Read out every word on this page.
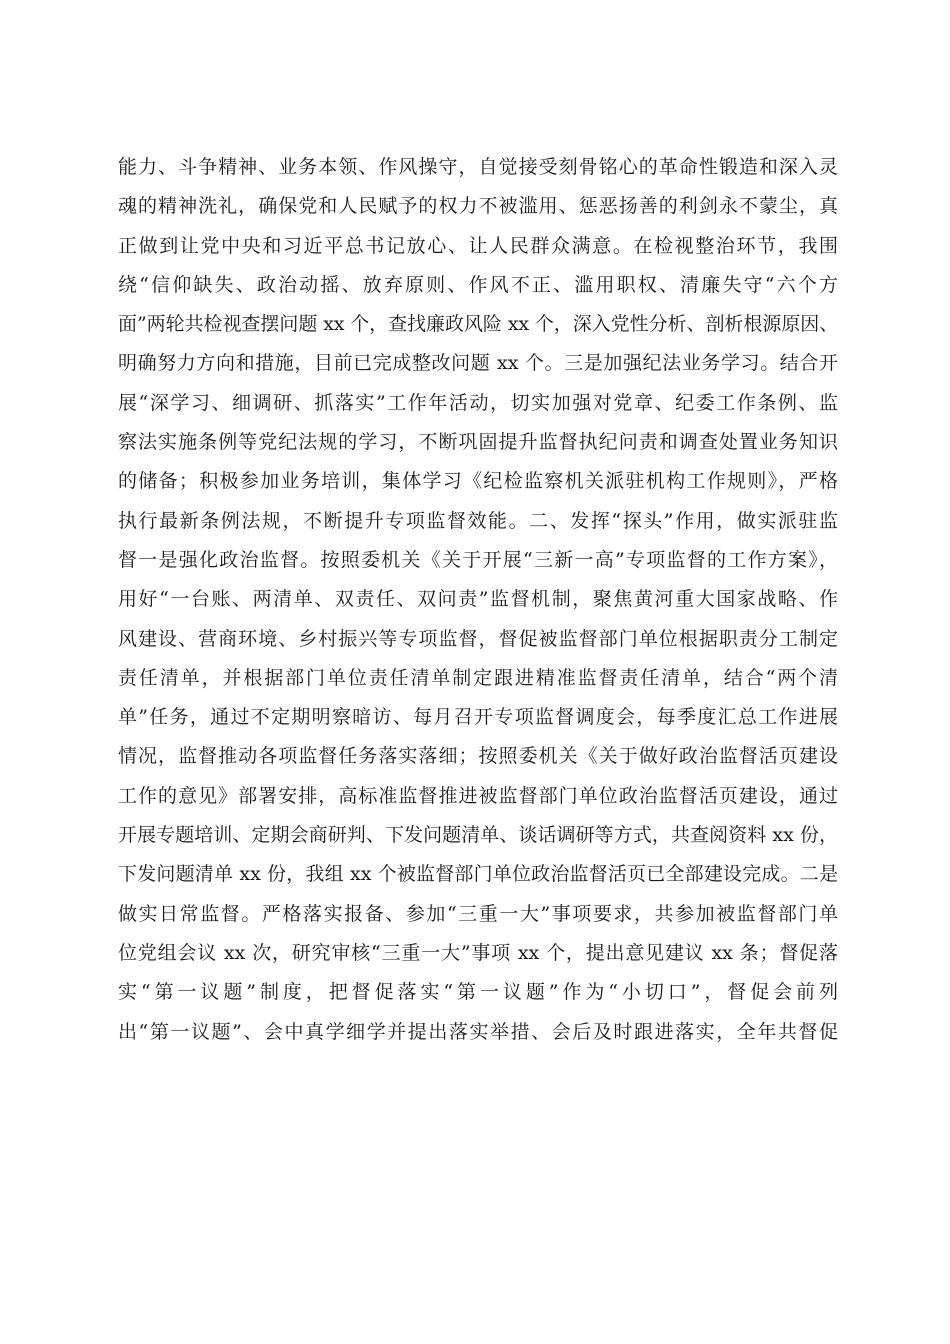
能力、斗争精神、业务本领、作风操守，自觉接受刻骨铭心的革命性锻造和深入灵
魂的精神洗礼，确保党和人民赋予的权力不被滥用、惩恶扬善的利剑永不蒙尘，真
正做到让党中央和习近平总书记放心、让人民群众满意。在检视整治环节，我围
绕“信仰缺失、政治动摇、放弃原则、作风不正、滥用职权、清廉失守“六个方
面”两轮共检视查摆问题 xx 个，查找廉政风险 xx 个，深入党性分析、剖析根源原因、
明确努力方向和措施，目前已完成整改问题 xx 个。三是加强纪法业务学习。结合开
展“深学习、细调研、抓落实”工作年活动，切实加强对党章、纪委工作条例、监
察法实施条例等党纪法规的学习，不断巩固提升监督执纪问责和调查处置业务知识
的储备；积极参加业务培训，集体学习《纪检监察机关派驻机构工作规则》，严格
执行最新条例法规，不断提升专项监督效能。二、发挥“探头”作用，做实派驻监
督一是强化政治监督。按照委机关《关于开展“三新一高”专项监督的工作方案》，
用好“一台账、两清单、双责任、双问责”监督机制，聚焦黄河重大国家战略、作
风建设、营商环境、乡村振兴等专项监督，督促被监督部门单位根据职责分工制定
责任清单，并根据部门单位责任清单制定跟进精准监督责任清单，结合“两个清
单”任务，通过不定期明察暗访、每月召开专项监督调度会，每季度汇总工作进展
情况，监督推动各项监督任务落实落细；按照委机关《关于做好政治监督活页建设
工作的意见》部署安排，高标准监督推进被监督部门单位政治监督活页建设，通过
开展专题培训、定期会商研判、下发问题清单、谈话调研等方式，共查阅资料 xx 份，
下发问题清单 xx 份，我组 xx 个被监督部门单位政治监督活页已全部建设完成。二是
做实日常监督。严格落实报备、参加“三重一大”事项要求，共参加被监督部门单
位党组会议 xx 次，研究审核“三重一大”事项 xx 个，提出意见建议 xx 条；督促落
实“第一议题”制度，把督促落实“第一议题”作为“小切口”，督促会前列
出“第一议题”、会中真学细学并提出落实举措、会后及时跟进落实，全年共督促
